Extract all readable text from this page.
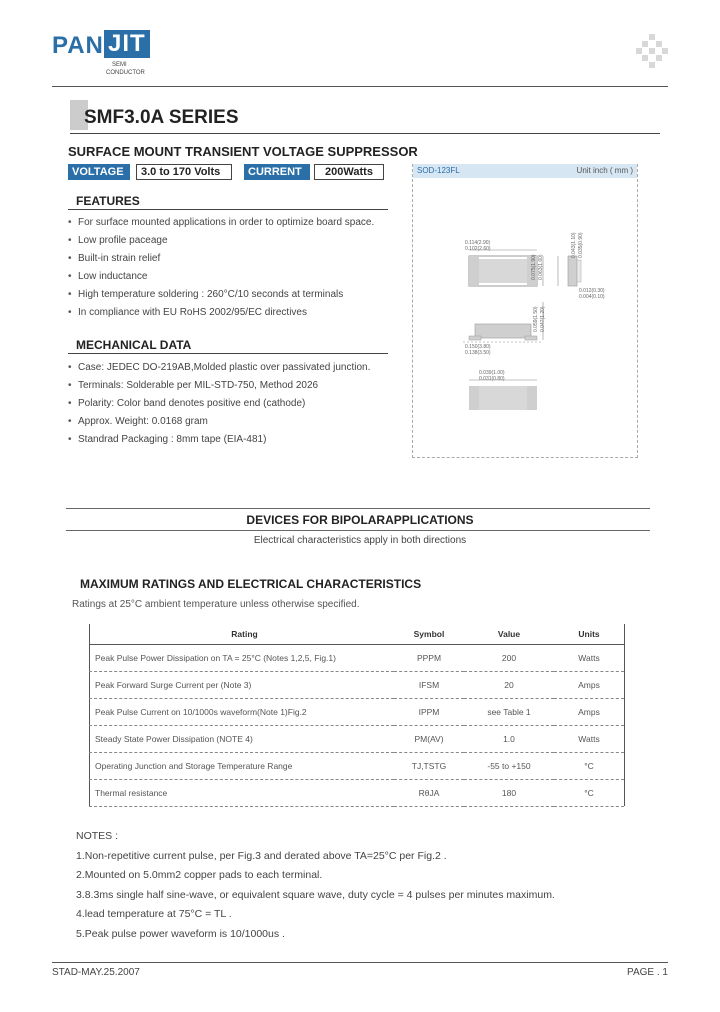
PAN JIT
SEMI
CONDUCTOR
SMF3.0A SERIES
SURFACE MOUNT TRANSIENT VOLTAGE SUPPRESSOR
VOLTAGE	3.0 to 170 Volts	CURRENT	200Watts
FEATURES
• For surface mounted applications in order to optimize board space.
• Low profile paceage
• Built-in strain relief
• Low inductance
• High temperature soldering : 260°C/10 seconds at terminals
• In compliance with EU RoHS 2002/95/EC directives
MECHANICAL DATA
• Case: JEDEC DO-219AB,Molded plastic over passivated junction.
• Terminals: Solderable per MIL-STD-750, Method 2026
• Polarity: Color band denotes positive end (cathode)
• Approx. Weight: 0.0168 gram
• Standrad Packaging : 8mm tape (EIA-481)
SOD-123FL	Unit inch ( mm )
0.114(2.90)
0.102(2.60)
0.075(1.90) 0.063(1.60)
0.043(1.10) 0.035(0.90)
0.012(0.30)
0.004(0.10)
0.059(1.50) 0.047(1.20)
0.150(3.80)
0.138(3.50)
0.039(1.00)
0.031(0.80)
DEVICES FOR BIPOLARAPPLICATIONS
Electrical characteristics apply in both directions
MAXIMUM RATINGS AND ELECTRICAL CHARACTERISTICS
Ratings at 25°C ambient temperature unless otherwise specified.
Rating	Symbol	Value	Units
Peak Pulse Power Dissipation on TA = 25°C (Notes 1,2,5, Fig.1)	PPPM	200	Watts
Peak Forward Surge Current per (Note 3)	IFSM	20	Amps
Peak Pulse Current on 10/1000s waveform(Note 1)Fig.2	IPPM	see Table 1	Amps
Steady State Power Dissipation (NOTE 4)	PM(AV)	1.0	Watts
Operating Junction and Storage Temperature Range	TJ,TSTG	-55 to +150	°C
Thermal resistance	RθJA	180	°C
NOTES :
1.Non-repetitive current pulse, per Fig.3 and derated above TA=25°C per Fig.2 .
2.Mounted on 5.0mm2 copper pads to each terminal.
3.8.3ms single half sine-wave, or equivalent square wave, duty cycle = 4 pulses per minutes maximum.
4.lead temperature at 75°C = TL .
5.Peak pulse power waveform is 10/1000us .
STAD-MAY.25.2007	PAGE . 1
